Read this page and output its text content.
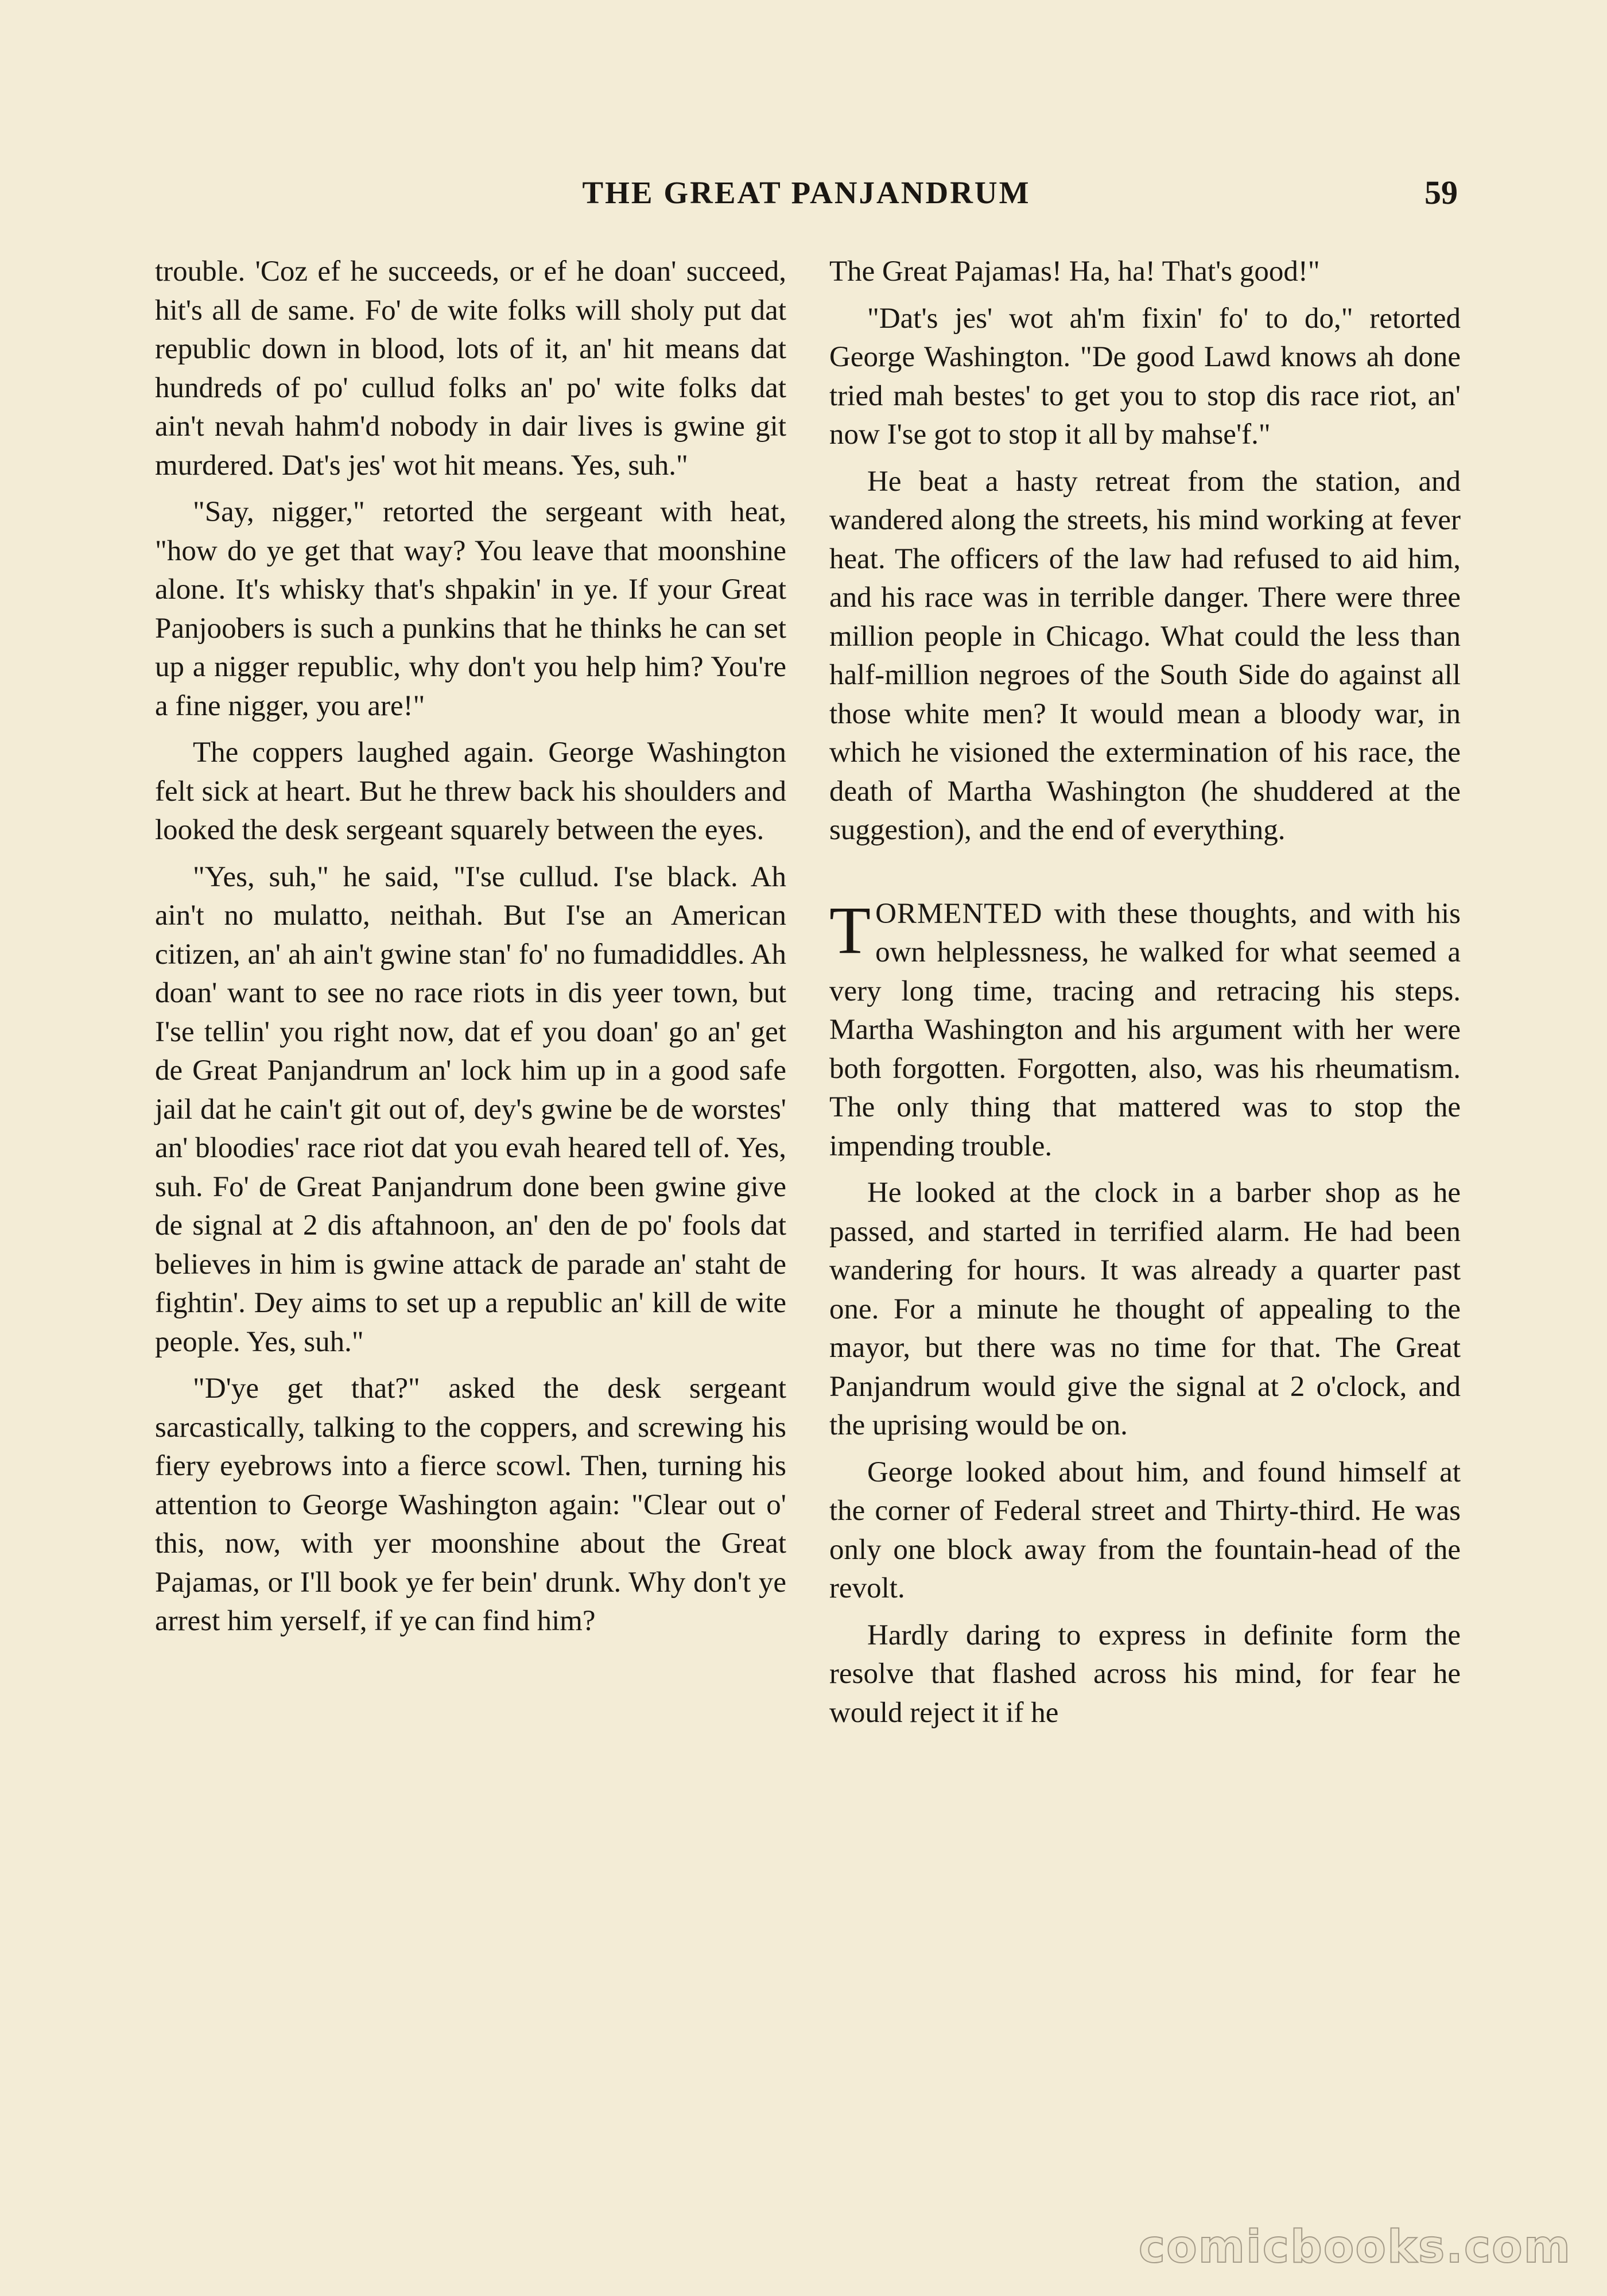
THE GREAT PANJANDRUM	59

trouble. 'Coz ef he succeeds, or ef he doan' succeed, hit's all de same. Fo' de wite folks will sholy put dat republic down in blood, lots of it, an' hit means dat hundreds of po' cullud folks an' po' wite folks dat ain't nevah hahm'd nobody in dair lives is gwine git murdered. Dat's jes' wot hit means. Yes, suh."

"Say, nigger," retorted the sergeant with heat, "how do ye get that way? You leave that moonshine alone. It's whisky that's shpakin' in ye. If your Great Panjoobers is such a punkins that he thinks he can set up a nigger republic, why don't you help him? You're a fine nigger, you are!"

The coppers laughed again. George Washington felt sick at heart. But he threw back his shoulders and looked the desk sergeant squarely between the eyes.

"Yes, suh," he said, "I'se cullud. I'se black. Ah ain't no mulatto, neithah. But I'se an American citizen, an' ah ain't gwine stan' fo' no fumadiddles. Ah doan' want to see no race riots in dis yeer town, but I'se tellin' you right now, dat ef you doan' go an' get de Great Panjandrum an' lock him up in a good safe jail dat he cain't git out of, dey's gwine be de worstes' an' bloodies' race riot dat you evah heared tell of. Yes, suh. Fo' de Great Panjandrum done been gwine give de signal at 2 dis aftahnoon, an' den de po' fools dat believes in him is gwine attack de parade an' staht de fightin'. Dey aims to set up a republic an' kill de wite people. Yes, suh."

"D'ye get that?" asked the desk sergeant sarcastically, talking to the coppers, and screwing his fiery eyebrows into a fierce scowl. Then, turning his attention to George Washington again: "Clear out o' this, now, with yer moonshine about the Great Pajamas, or I'll book ye fer bein' drunk. Why don't ye arrest him yerself, if ye can find him?

The Great Pajamas! Ha, ha! That's good!"

"Dat's jes' wot ah'm fixin' fo' to do," retorted George Washington. "De good Lawd knows ah done tried mah bestes' to get you to stop dis race riot, an' now I'se got to stop it all by mahse'f."

He beat a hasty retreat from the station, and wandered along the streets, his mind working at fever heat. The officers of the law had refused to aid him, and his race was in terrible danger. There were three million people in Chicago. What could the less than half-million negroes of the South Side do against all those white men? It would mean a bloody war, in which he visioned the extermination of his race, the death of Martha Washington (he shuddered at the suggestion), and the end of everything.

TORMENTED with these thoughts, and with his own helplessness, he walked for what seemed a very long time, tracing and retracing his steps. Martha Washington and his argument with her were both forgotten. Forgotten, also, was his rheumatism. The only thing that mattered was to stop the impending trouble.

He looked at the clock in a barber shop as he passed, and started in terrified alarm. He had been wandering for hours. It was already a quarter past one. For a minute he thought of appealing to the mayor, but there was no time for that. The Great Panjandrum would give the signal at 2 o'clock, and the uprising would be on.

George looked about him, and found himself at the corner of Federal street and Thirty-third. He was only one block away from the fountain-head of the revolt.

Hardly daring to express in definite form the resolve that flashed across his mind, for fear he would reject it if he

comicbooks.com
